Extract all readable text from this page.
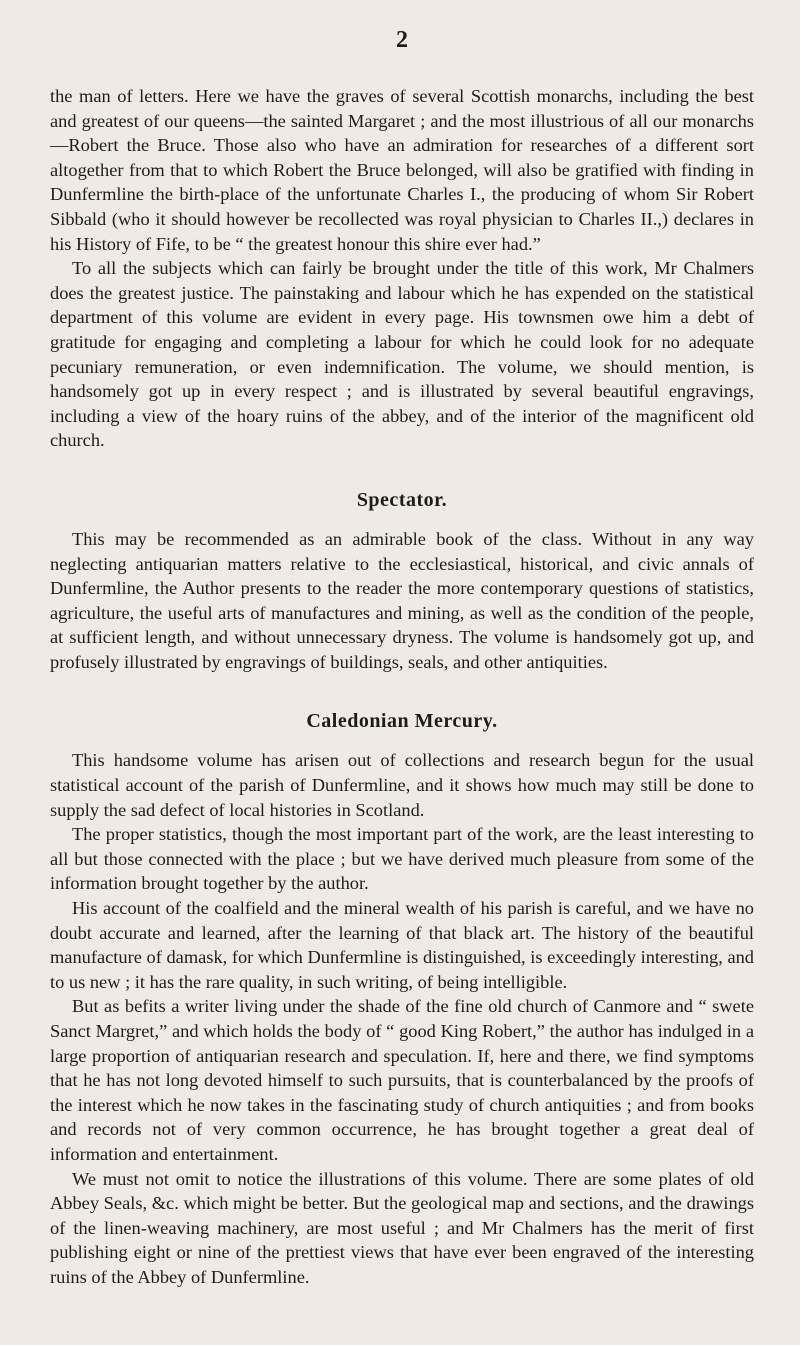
2

the man of letters. Here we have the graves of several Scottish monarchs, including the best and greatest of our queens—the sainted Margaret ; and the most illustrious of all our monarchs—Robert the Bruce. Those also who have an admiration for researches of a different sort altogether from that to which Robert the Bruce belonged, will also be gratified with finding in Dunfermline the birth-place of the unfortunate Charles I., the producing of whom Sir Robert Sibbald (who it should however be recollected was royal physician to Charles II.,) declares in his History of Fife, to be “ the greatest honour this shire ever had.”

To all the subjects which can fairly be brought under the title of this work, Mr Chalmers does the greatest justice. The painstaking and labour which he has expended on the statistical department of this volume are evident in every page. His townsmen owe him a debt of gratitude for engaging and completing a labour for which he could look for no adequate pecuniary remuneration, or even indemnification. The volume, we should mention, is handsomely got up in every respect ; and is illustrated by several beautiful engravings, including a view of the hoary ruins of the abbey, and of the interior of the magnificent old church.

Spectator.

This may be recommended as an admirable book of the class. Without in any way neglecting antiquarian matters relative to the ecclesiastical, historical, and civic annals of Dunfermline, the Author presents to the reader the more contemporary questions of statistics, agriculture, the useful arts of manufactures and mining, as well as the condition of the people, at sufficient length, and without unnecessary dryness. The volume is handsomely got up, and profusely illustrated by engravings of buildings, seals, and other antiquities.

Caledonian Mercury.

This handsome volume has arisen out of collections and research begun for the usual statistical account of the parish of Dunfermline, and it shows how much may still be done to supply the sad defect of local histories in Scotland.

The proper statistics, though the most important part of the work, are the least interesting to all but those connected with the place ; but we have derived much pleasure from some of the information brought together by the author.

His account of the coalfield and the mineral wealth of his parish is careful, and we have no doubt accurate and learned, after the learning of that black art. The history of the beautiful manufacture of damask, for which Dunfermline is distinguished, is exceedingly interesting, and to us new ; it has the rare quality, in such writing, of being intelligible.

But as befits a writer living under the shade of the fine old church of Canmore and “ swete Sanct Margret,” and which holds the body of “ good King Robert,” the author has indulged in a large proportion of antiquarian research and speculation. If, here and there, we find symptoms that he has not long devoted himself to such pursuits, that is counterbalanced by the proofs of the interest which he now takes in the fascinating study of church antiquities ; and from books and records not of very common occurrence, he has brought together a great deal of information and entertainment.

We must not omit to notice the illustrations of this volume. There are some plates of old Abbey Seals, &c. which might be better. But the geological map and sections, and the drawings of the linen-weaving machinery, are most useful ; and Mr Chalmers has the merit of first publishing eight or nine of the prettiest views that have ever been engraved of the interesting ruins of the Abbey of Dunfermline.
